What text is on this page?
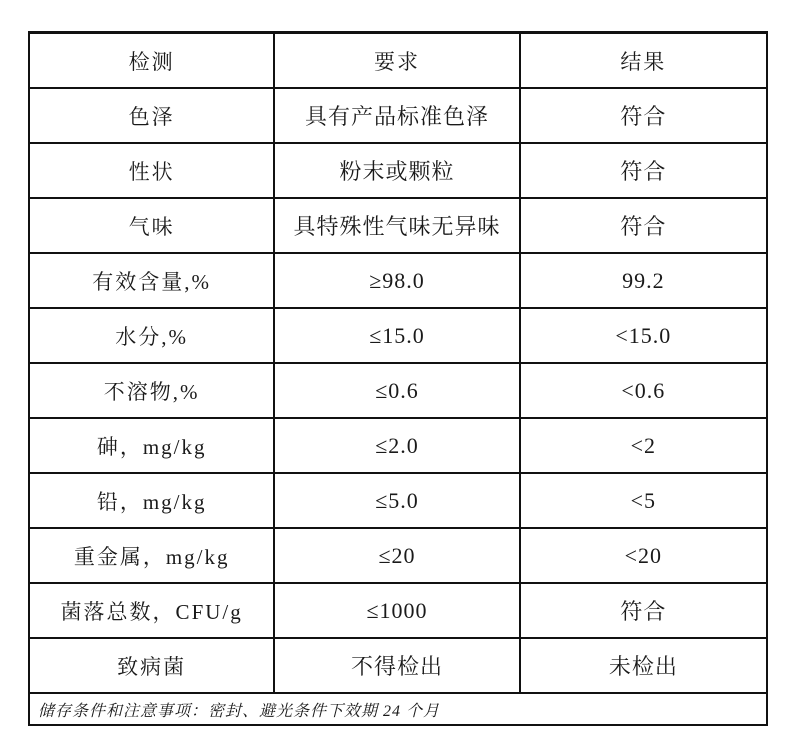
检测	要求	结果
色泽	具有产品标准色泽	符合
性状	粉末或颗粒	符合
气味	具特殊性气味无异味	符合
有效含量,%	≥98.0	99.2
水分,%	≤15.0	<15.0
不溶物,%	≤0.6	<0.6
砷，mg/kg	≤2.0	<2
铅，mg/kg	≤5.0	<5
重金属，mg/kg	≤20	<20
菌落总数，CFU/g	≤1000	符合
致病菌	不得检出	未检出
储存条件和注意事项：密封、避光条件下效期 24 个月
